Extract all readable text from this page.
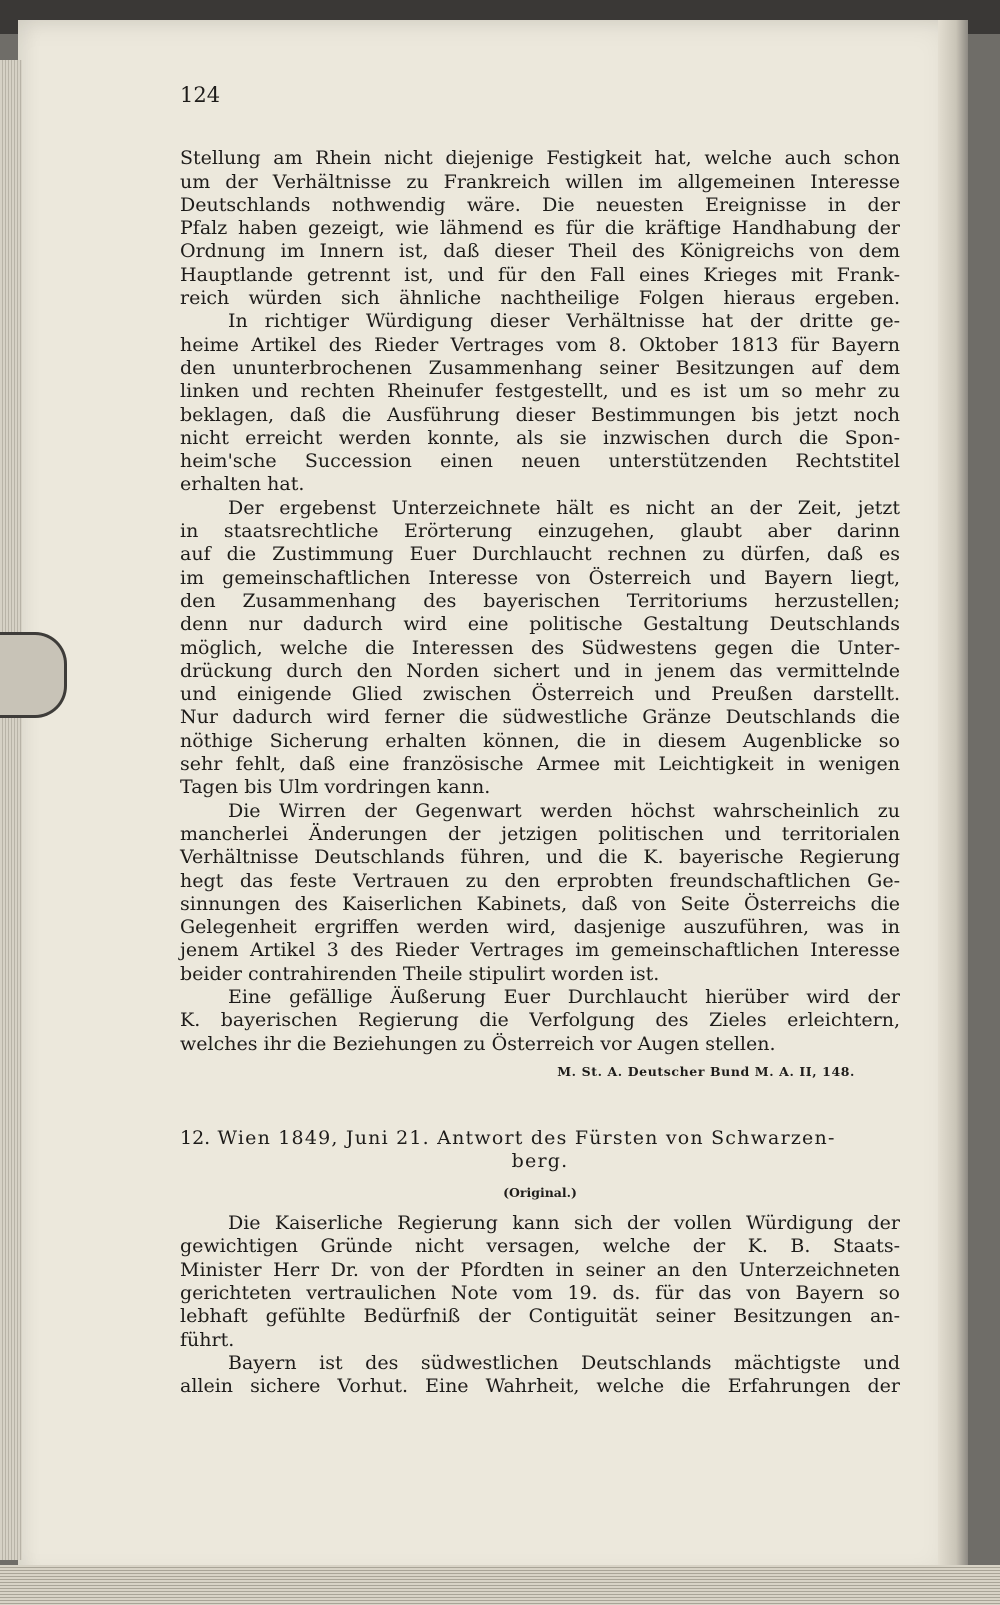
124
Stellung am Rhein nicht diejenige Festigkeit hat, welche auch schon
um der Verhältnisse zu Frankreich willen im allgemeinen Interesse
Deutschlands nothwendig wäre. Die neuesten Ereignisse in der
Pfalz haben gezeigt, wie lähmend es für die kräftige Handhabung der
Ordnung im Innern ist, daß dieser Theil des Königreichs von dem
Hauptlande getrennt ist, und für den Fall eines Krieges mit Frank-
reich würden sich ähnliche nachtheilige Folgen hieraus ergeben.
In richtiger Würdigung dieser Verhältnisse hat der dritte ge-
heime Artikel des Rieder Vertrages vom 8. Oktober 1813 für Bayern
den ununterbrochenen Zusammenhang seiner Besitzungen auf dem
linken und rechten Rheinufer festgestellt, und es ist um so mehr zu
beklagen, daß die Ausführung dieser Bestimmungen bis jetzt noch
nicht erreicht werden konnte, als sie inzwischen durch die Spon-
heim'sche Succession einen neuen unterstützenden Rechtstitel
erhalten hat.
Der ergebenst Unterzeichnete hält es nicht an der Zeit, jetzt
in staatsrechtliche Erörterung einzugehen, glaubt aber darinn
auf die Zustimmung Euer Durchlaucht rechnen zu dürfen, daß es
im gemeinschaftlichen Interesse von Österreich und Bayern liegt,
den Zusammenhang des bayerischen Territoriums herzustellen;
denn nur dadurch wird eine politische Gestaltung Deutschlands
möglich, welche die Interessen des Südwestens gegen die Unter-
drückung durch den Norden sichert und in jenem das vermittelnde
und einigende Glied zwischen Österreich und Preußen darstellt.
Nur dadurch wird ferner die südwestliche Gränze Deutschlands die
nöthige Sicherung erhalten können, die in diesem Augenblicke so
sehr fehlt, daß eine französische Armee mit Leichtigkeit in wenigen
Tagen bis Ulm vordringen kann.
Die Wirren der Gegenwart werden höchst wahrscheinlich zu
mancherlei Änderungen der jetzigen politischen und territorialen
Verhältnisse Deutschlands führen, und die K. bayerische Regierung
hegt das feste Vertrauen zu den erprobten freundschaftlichen Ge-
sinnungen des Kaiserlichen Kabinets, daß von Seite Österreichs die
Gelegenheit ergriffen werden wird, dasjenige auszuführen, was in
jenem Artikel 3 des Rieder Vertrages im gemeinschaftlichen Interesse
beider contrahirenden Theile stipulirt worden ist.
Eine gefällige Äußerung Euer Durchlaucht hierüber wird der
K. bayerischen Regierung die Verfolgung des Zieles erleichtern,
welches ihr die Beziehungen zu Österreich vor Augen stellen.
M. St. A. Deutscher Bund M. A. II, 148.
12. Wien 1849, Juni 21. Antwort des Fürsten von Schwarzen-
berg.
(Original.)
Die Kaiserliche Regierung kann sich der vollen Würdigung der
gewichtigen Gründe nicht versagen, welche der K. B. Staats-
Minister Herr Dr. von der Pfordten in seiner an den Unterzeichneten
gerichteten vertraulichen Note vom 19. ds. für das von Bayern so
lebhaft gefühlte Bedürfniß der Contiguität seiner Besitzungen an-
führt.
Bayern ist des südwestlichen Deutschlands mächtigste und
allein sichere Vorhut. Eine Wahrheit, welche die Erfahrungen der
